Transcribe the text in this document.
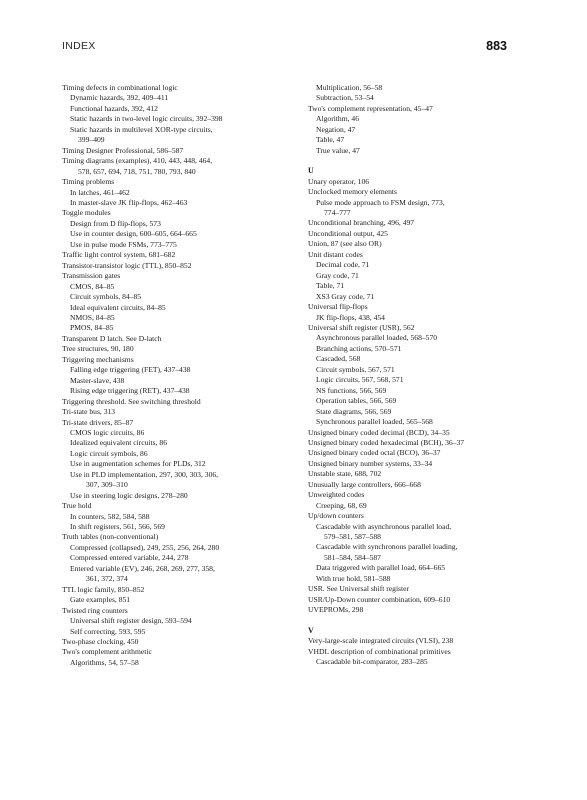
INDEX	883
Timing defects in combinational logic
Dynamic hazards, 392, 409–411
Functional hazards, 392, 412
Static hazards in two-level logic circuits, 392–398
Static hazards in multilevel XOR-type circuits,
399–409
Timing Designer Professional, 586–587
Timing diagrams (examples), 410, 443, 448, 464,
578, 657, 694, 718, 751, 780, 793, 840
Timing problems
In latches, 461–462
In master-slave JK flip-flops, 462–463
Toggle modules
Design from D flip-flops, 573
Use in counter design, 600–605, 664–665
Use in pulse mode FSMs, 773–775
Traffic light control system, 681–682
Transistor-transistor logic (TTL), 850–852
Transmission gates
CMOS, 84–85
Circuit symbols, 84–85
Ideal equivalent circuits, 84–85
NMOS, 84–85
PMOS, 84–85
Transparent D latch. See D-latch
Tree structures, 90, 180
Triggering mechanisms
Falling edge triggering (FET), 437–438
Master-slave, 438
Rising edge triggering (RET), 437–438
Triggering threshold. See switching threshold
Tri-state bus, 313
Tri-state drivers, 85–87
CMOS logic circuits, 86
Idealized equivalent circuits, 86
Logic circuit symbols, 86
Use in augmentation schemes for PLDs, 312
Use in PLD implementation, 297, 300, 303, 306,
307, 309–310
Use in steering logic designs, 278–280
True hold
In counters, 582, 584, 588
In shift registers, 561, 566, 569
Truth tables (non-conventional)
Compressed (collapsed), 249, 255, 256, 264, 280
Compressed entered variable, 244, 278
Entered variable (EV), 246, 268, 269, 277, 358,
361, 372, 374
TTL logic family, 850–852
Gate examples, 851
Twisted ring counters
Universal shift register design, 593–594
Self correcting, 593, 595
Two-phase clocking, 450
Two's complement arithmetic
Algorithms, 54, 57–58
Multiplication, 56–58
Subtraction, 53–54
Two's complement representation, 45–47
Algorithm, 46
Negation, 47
Table, 47
True value, 47
U
Unary operator, 106
Unclocked memory elements
Pulse mode approach to FSM design, 773,
774–777
Unconditional branching, 496, 497
Unconditional output, 425
Union, 87 (see also OR)
Unit distant codes
Decimal code, 71
Gray code, 71
Table, 71
XS3 Gray code, 71
Universal flip-flops
JK flip-flops, 438, 454
Universal shift register (USR), 562
Asynchronous parallel loaded, 568–570
Branching actions, 570–571
Cascaded, 568
Circuit symbols, 567, 571
Logic circuits, 567, 568, 571
NS functions, 566, 569
Operation tables, 566, 569
State diagrams, 566, 569
Synchronous parallel loaded, 565–568
Unsigned binary coded decimal (BCD), 34–35
Unsigned binary coded hexadecimal (BCH), 36–37
Unsigned binary coded octal (BCO), 36–37
Unsigned binary number systems, 33–34
Unstable state, 688, 702
Unusually large controllers, 666–668
Unweighted codes
Creeping, 68, 69
Up/down counters
Cascadable with asynchronous parallel load,
579–581, 587–588
Cascadable with synchronous parallel loading,
581–584, 584–587
Data triggered with parallel load, 664–665
With true hold, 581–588
USR. See Universal shift register
USR/Up-Down counter combination, 609–610
UVEPROMs, 298
V
Very-large-scale integrated circuits (VLSI), 238
VHDL description of combinational primitives
Cascadable bit-comparator, 283–285
